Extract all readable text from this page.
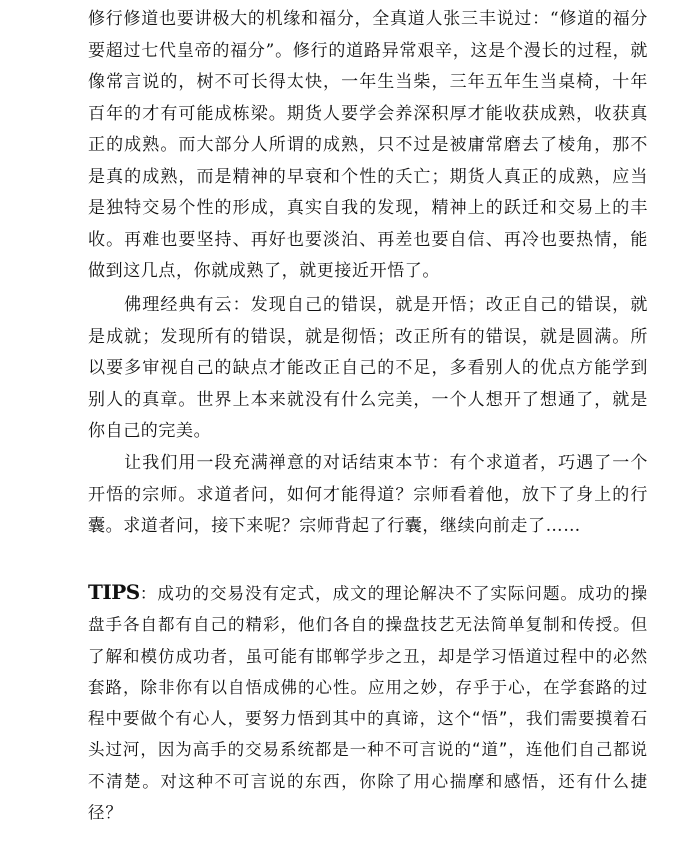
修行修道也要讲极大的机缘和福分，全真道人张三丰说过：“修道的福分要超过七代皇帝的福分”。修行的道路异常艰辛，这是个漫长的过程，就像常言说的，树不可长得太快，一年生当柴，三年五年生当桌椅，十年百年的才有可能成栋梁。期货人要学会养深积厚才能收获成熟，收获真正的成熟。而大部分人所谓的成熟，只不过是被庸常磨去了棱角，那不是真的成熟，而是精神的早衰和个性的夭亡；期货人真正的成熟，应当是独特交易个性的形成，真实自我的发现，精神上的跃迁和交易上的丰收。再难也要坚持、再好也要淡泊、再差也要自信、再冷也要热情，能做到这几点，你就成熟了，就更接近开悟了。

　　佛理经典有云：发现自己的错误，就是开悟；改正自己的错误，就是成就；发现所有的错误，就是彻悟；改正所有的错误，就是圆满。所以要多审视自己的缺点才能改正自己的不足，多看别人的优点方能学到别人的真章。世界上本来就没有什么完美，一个人想开了想通了，就是你自己的完美。

　　让我们用一段充满禅意的对话结束本节：有个求道者，巧遇了一个开悟的宗师。求道者问，如何才能得道？宗师看着他，放下了身上的行囊。求道者问，接下来呢？宗师背起了行囊，继续向前走了……

TIPS：成功的交易没有定式，成文的理论解决不了实际问题。成功的操盘手各自都有自己的精彩，他们各自的操盘技艺无法简单复制和传授。但了解和模仿成功者，虽可能有邯郸学步之丑，却是学习悟道过程中的必然套路，除非你有以自悟成佛的心性。应用之妙，存乎于心，在学套路的过程中要做个有心人，要努力悟到其中的真谛，这个“悟”，我们需要摸着石头过河，因为高手的交易系统都是一种不可言说的“道”，连他们自己都说不清楚。对这种不可言说的东西，你除了用心揣摩和感悟，还有什么捷径？
